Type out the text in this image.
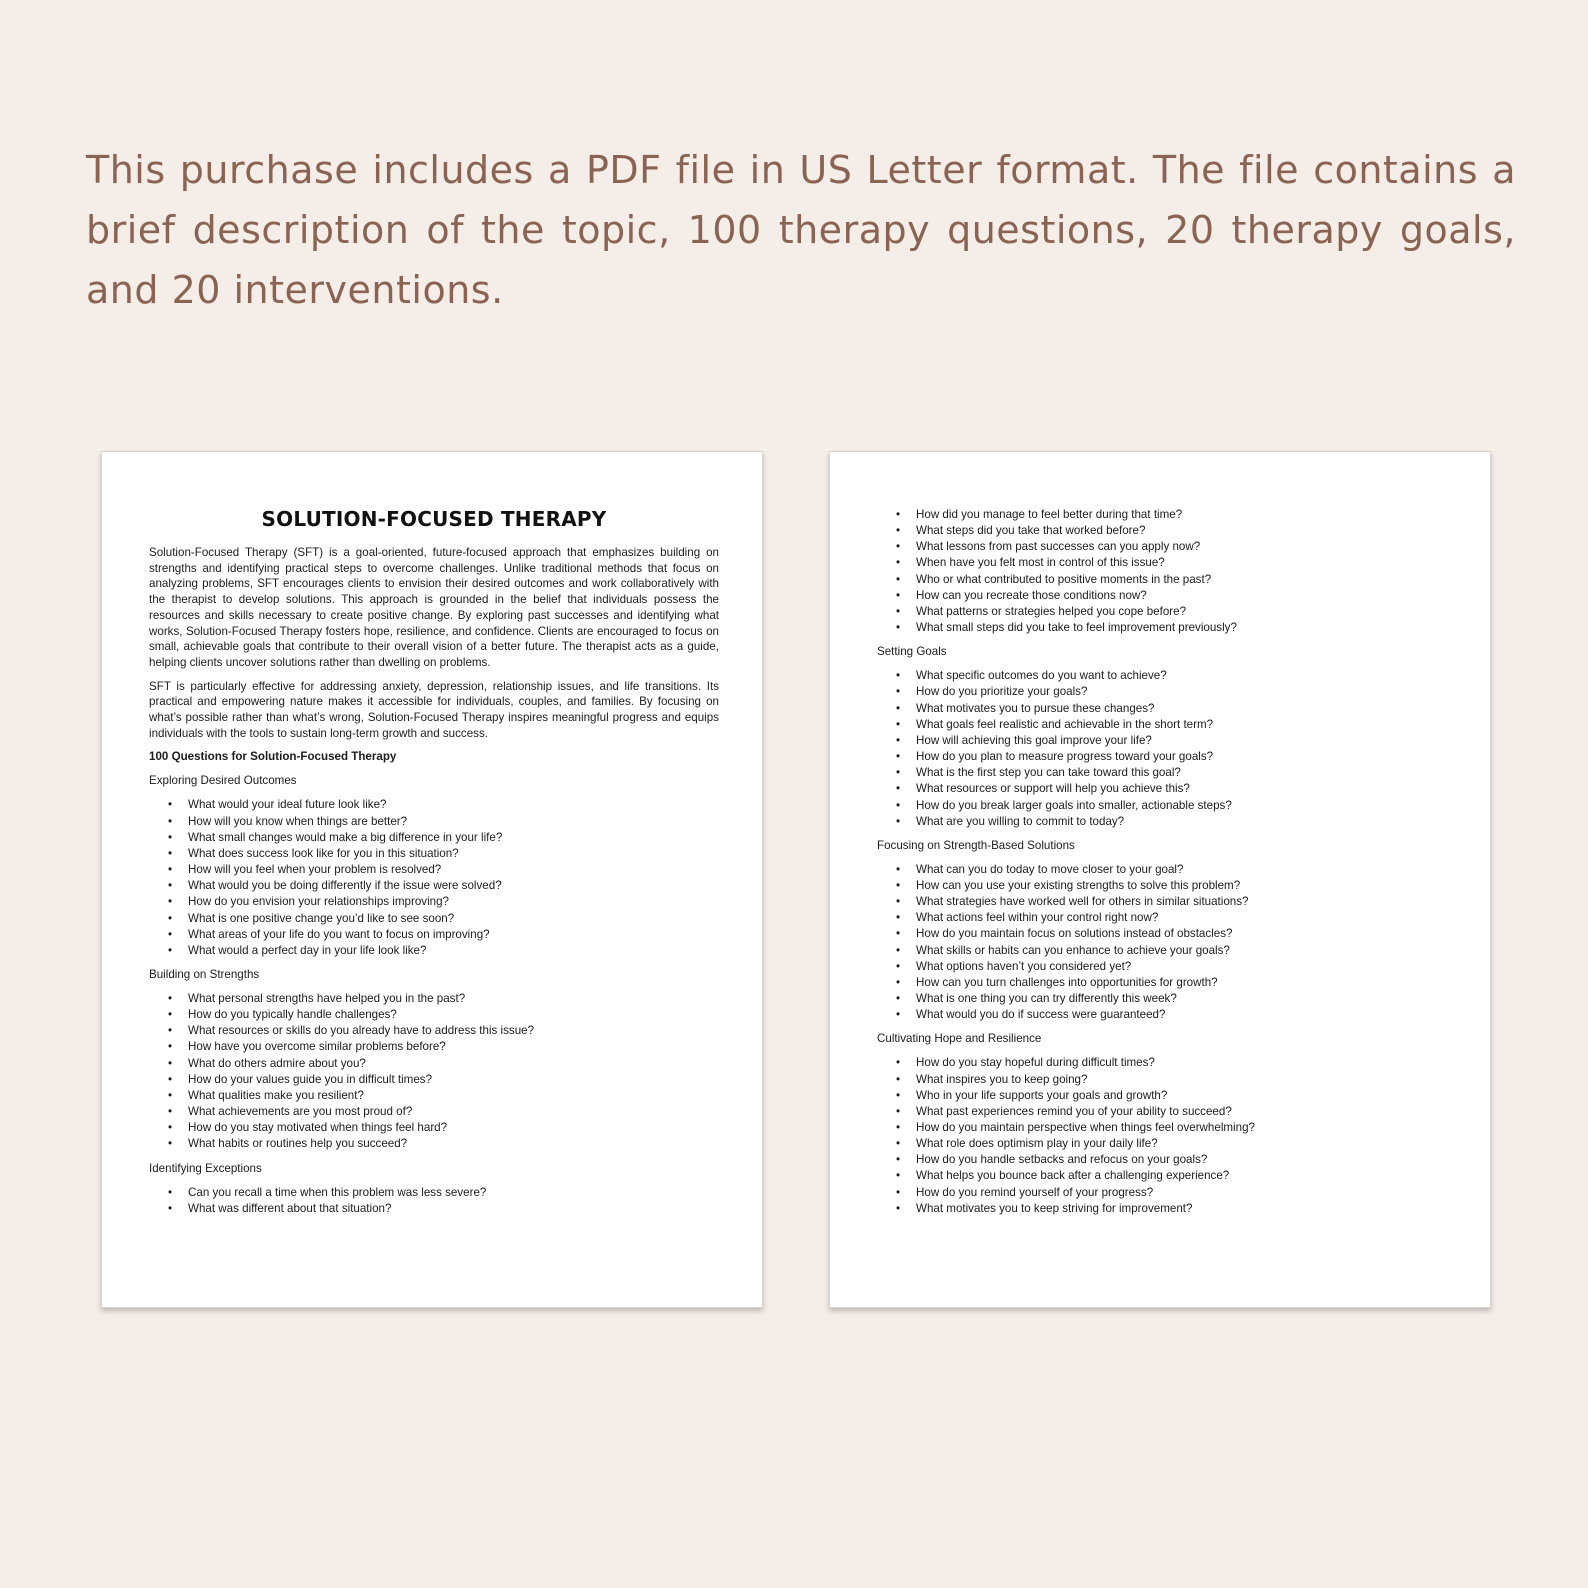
This purchase includes a PDF file in US Letter format. The file contains a brief description of the topic, 100 therapy questions, 20 therapy goals, and 20 interventions.

SOLUTION-FOCUSED THERAPY

Solution-Focused Therapy (SFT) is a goal-oriented, future-focused approach that emphasizes building on strengths and identifying practical steps to overcome challenges. Unlike traditional methods that focus on analyzing problems, SFT encourages clients to envision their desired outcomes and work collaboratively with the therapist to develop solutions. This approach is grounded in the belief that individuals possess the resources and skills necessary to create positive change. By exploring past successes and identifying what works, Solution-Focused Therapy fosters hope, resilience, and confidence. Clients are encouraged to focus on small, achievable goals that contribute to their overall vision of a better future. The therapist acts as a guide, helping clients uncover solutions rather than dwelling on problems.

SFT is particularly effective for addressing anxiety, depression, relationship issues, and life transitions. Its practical and empowering nature makes it accessible for individuals, couples, and families. By focusing on what’s possible rather than what’s wrong, Solution-Focused Therapy inspires meaningful progress and equips individuals with the tools to sustain long-term growth and success.

100 Questions for Solution-Focused Therapy
Exploring Desired Outcomes
• What would your ideal future look like?
• How will you know when things are better?
• What small changes would make a big difference in your life?
• What does success look like for you in this situation?
• How will you feel when your problem is resolved?
• What would you be doing differently if the issue were solved?
• How do you envision your relationships improving?
• What is one positive change you’d like to see soon?
• What areas of your life do you want to focus on improving?
• What would a perfect day in your life look like?
Building on Strengths
• What personal strengths have helped you in the past?
• How do you typically handle challenges?
• What resources or skills do you already have to address this issue?
• How have you overcome similar problems before?
• What do others admire about you?
• How do your values guide you in difficult times?
• What qualities make you resilient?
• What achievements are you most proud of?
• How do you stay motivated when things feel hard?
• What habits or routines help you succeed?
Identifying Exceptions
• Can you recall a time when this problem was less severe?
• What was different about that situation?
• How did you manage to feel better during that time?
• What steps did you take that worked before?
• What lessons from past successes can you apply now?
• When have you felt most in control of this issue?
• Who or what contributed to positive moments in the past?
• How can you recreate those conditions now?
• What patterns or strategies helped you cope before?
• What small steps did you take to feel improvement previously?
Setting Goals
• What specific outcomes do you want to achieve?
• How do you prioritize your goals?
• What motivates you to pursue these changes?
• What goals feel realistic and achievable in the short term?
• How will achieving this goal improve your life?
• How do you plan to measure progress toward your goals?
• What is the first step you can take toward this goal?
• What resources or support will help you achieve this?
• How do you break larger goals into smaller, actionable steps?
• What are you willing to commit to today?
Focusing on Strength-Based Solutions
• What can you do today to move closer to your goal?
• How can you use your existing strengths to solve this problem?
• What strategies have worked well for others in similar situations?
• What actions feel within your control right now?
• How do you maintain focus on solutions instead of obstacles?
• What skills or habits can you enhance to achieve your goals?
• What options haven’t you considered yet?
• How can you turn challenges into opportunities for growth?
• What is one thing you can try differently this week?
• What would you do if success were guaranteed?
Cultivating Hope and Resilience
• How do you stay hopeful during difficult times?
• What inspires you to keep going?
• Who in your life supports your goals and growth?
• What past experiences remind you of your ability to succeed?
• How do you maintain perspective when things feel overwhelming?
• What role does optimism play in your daily life?
• How do you handle setbacks and refocus on your goals?
• What helps you bounce back after a challenging experience?
• How do you remind yourself of your progress?
• What motivates you to keep striving for improvement?
